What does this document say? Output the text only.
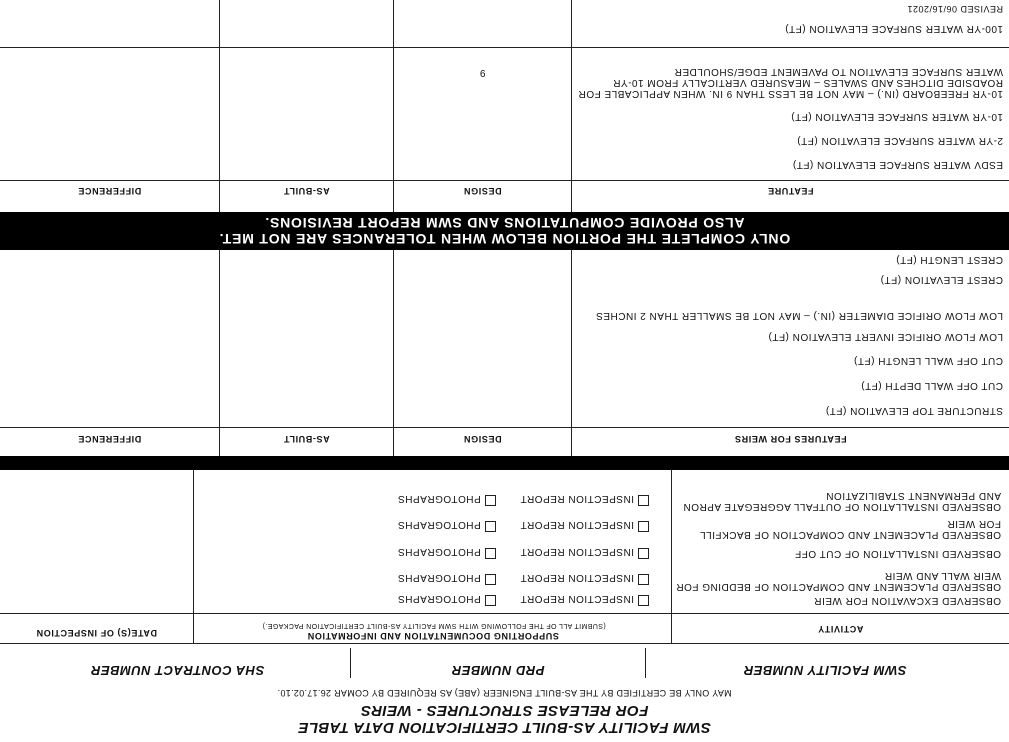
SWM FACILITY AS-BUILT CERTIFICATION DATA TABLE
FOR RELEASE STRUCTURES - WEIRS
MAY ONLY BE CERTIFIED BY THE AS-BUILT ENGINEER (ABE) AS REQUIRED BY COMAR 26.17.02.10.
SWM FACILITY NUMBER
PRD NUMBER
SHA CONTRACT NUMBER
ACTIVITY
SUPPORTING DOCUMENTATION AND INFORMATION
(SUBMIT ALL OF THE FOLLOWING WITH SWM FACILITY AS-BUILT CERTIFICATION PACKAGE.)
DATE(S) OF INSPECTION
OBSERVED EXCAVATION FOR WEIR
INSPECTION REPORT  PHOTOGRAPHS
OBSERVED PLACEMENT AND COMPACTION OF BEDDING FOR WEIR WALL AND WEIR
INSPECTION REPORT  PHOTOGRAPHS
OBSERVED INSTALLATION OF CUT OFF
INSPECTION REPORT  PHOTOGRAPHS
OBSERVED PLACEMENT AND COMPACTION OF BACKFILL FOR WEIR
INSPECTION REPORT  PHOTOGRAPHS
OBSERVED INSTALLATION OF OUTFALL AGGREGATE APRON AND PERMANENT STABILIZATION
INSPECTION REPORT  PHOTOGRAPHS
FEATURES FOR WEIRS
DESIGN
AS-BUILT
DIFFERENCE
STRUCTURE TOP ELEVATION (FT)
CUT OFF WALL DEPTH (FT)
CUT OFF WALL LENGTH (FT)
LOW FLOW ORIFICE INVERT ELEVATION (FT)
LOW FLOW ORIFICE DIAMETER (IN.) – MAY NOT BE SMALLER THAN 2 INCHES
CREST ELEVATION (FT)
CREST LENGTH (FT)
ONLY COMPLETE THE PORTION BELOW WHEN TOLERANCES ARE NOT MET.
ALSO PROVIDE COMPUTATIONS AND SWM REPORT REVISIONS.
FEATURE
DESIGN
AS-BUILT
DIFFERENCE
ESDV WATER SURFACE ELEVATION (FT)
2-YR WATER SURFACE ELEVATION (FT)
10-YR WATER SURFACE ELEVATION (FT)
10-YR FREEBOARD (IN.) – MAY NOT BE LESS THAN 9 IN. WHEN APPLICABLE FOR ROADSIDE DITCHES AND SWALES – MEASURED VERTICALLY FROM 10-YR WATER SURFACE ELEVATION TO PAVEMENT EDGE/SHOULDER
9
100-YR WATER SURFACE ELEVATION (FT)
REVISED 06/16/2021
